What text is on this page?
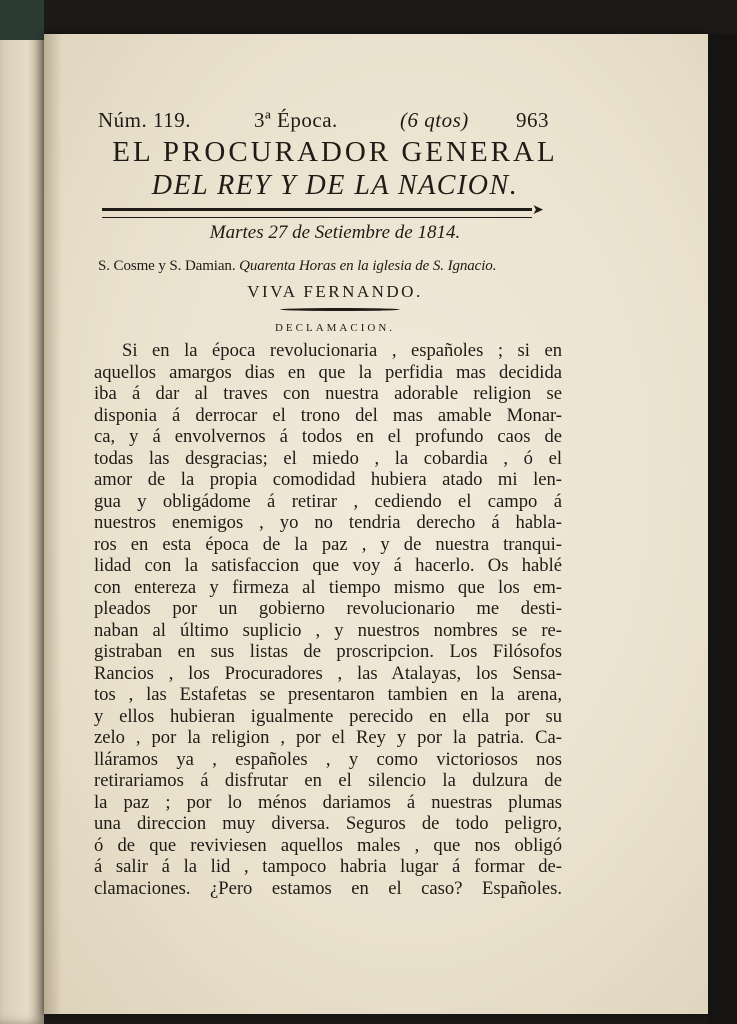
Núm. 119.	3ª Época.	(6 qtos) 963
EL PROCURADOR GENERAL
DEL REY Y DE LA NACION.
➤
Martes 27 de Setiembre de 1814.
S. Cosme y S. Damian. Quarenta Horas en la iglesia de S. Ignacio.
VIVA FERNANDO.
DECLAMACION.
Si en la época revolucionaria , españoles ; si en
aquellos amargos dias en que la perfidia mas decidida
iba á dar al traves con nuestra adorable religion se
disponia á derrocar el trono del mas amable Monar-
ca, y á envolvernos á todos en el profundo caos de
todas las desgracias; el miedo , la cobardia , ó el
amor de la propia comodidad hubiera atado mi len-
gua y obligádome á retirar , cediendo el campo á
nuestros enemigos , yo no tendria derecho á habla-
ros en esta época de la paz , y de nuestra tranqui-
lidad con la satisfaccion que voy á hacerlo. Os hablé
con entereza y firmeza al tiempo mismo que los em-
pleados por un gobierno revolucionario me desti-
naban al último suplicio , y nuestros nombres se re-
gistraban en sus listas de proscripcion. Los Filósofos
Rancios , los Procuradores , las Atalayas, los Sensa-
tos , las Estafetas se presentaron tambien en la arena,
y ellos hubieran igualmente perecido en ella por su
zelo , por la religion , por el Rey y por la patria. Ca-
lláramos ya , españoles , y como victoriosos nos
retirariamos á disfrutar en el silencio la dulzura de
la paz ; por lo ménos dariamos á nuestras plumas
una direccion muy diversa. Seguros de todo peligro,
ó de que reviviesen aquellos males , que nos obligó
á salir á la lid , tampoco habria lugar á formar de-
clamaciones. ¿Pero estamos en el caso? Españoles.
